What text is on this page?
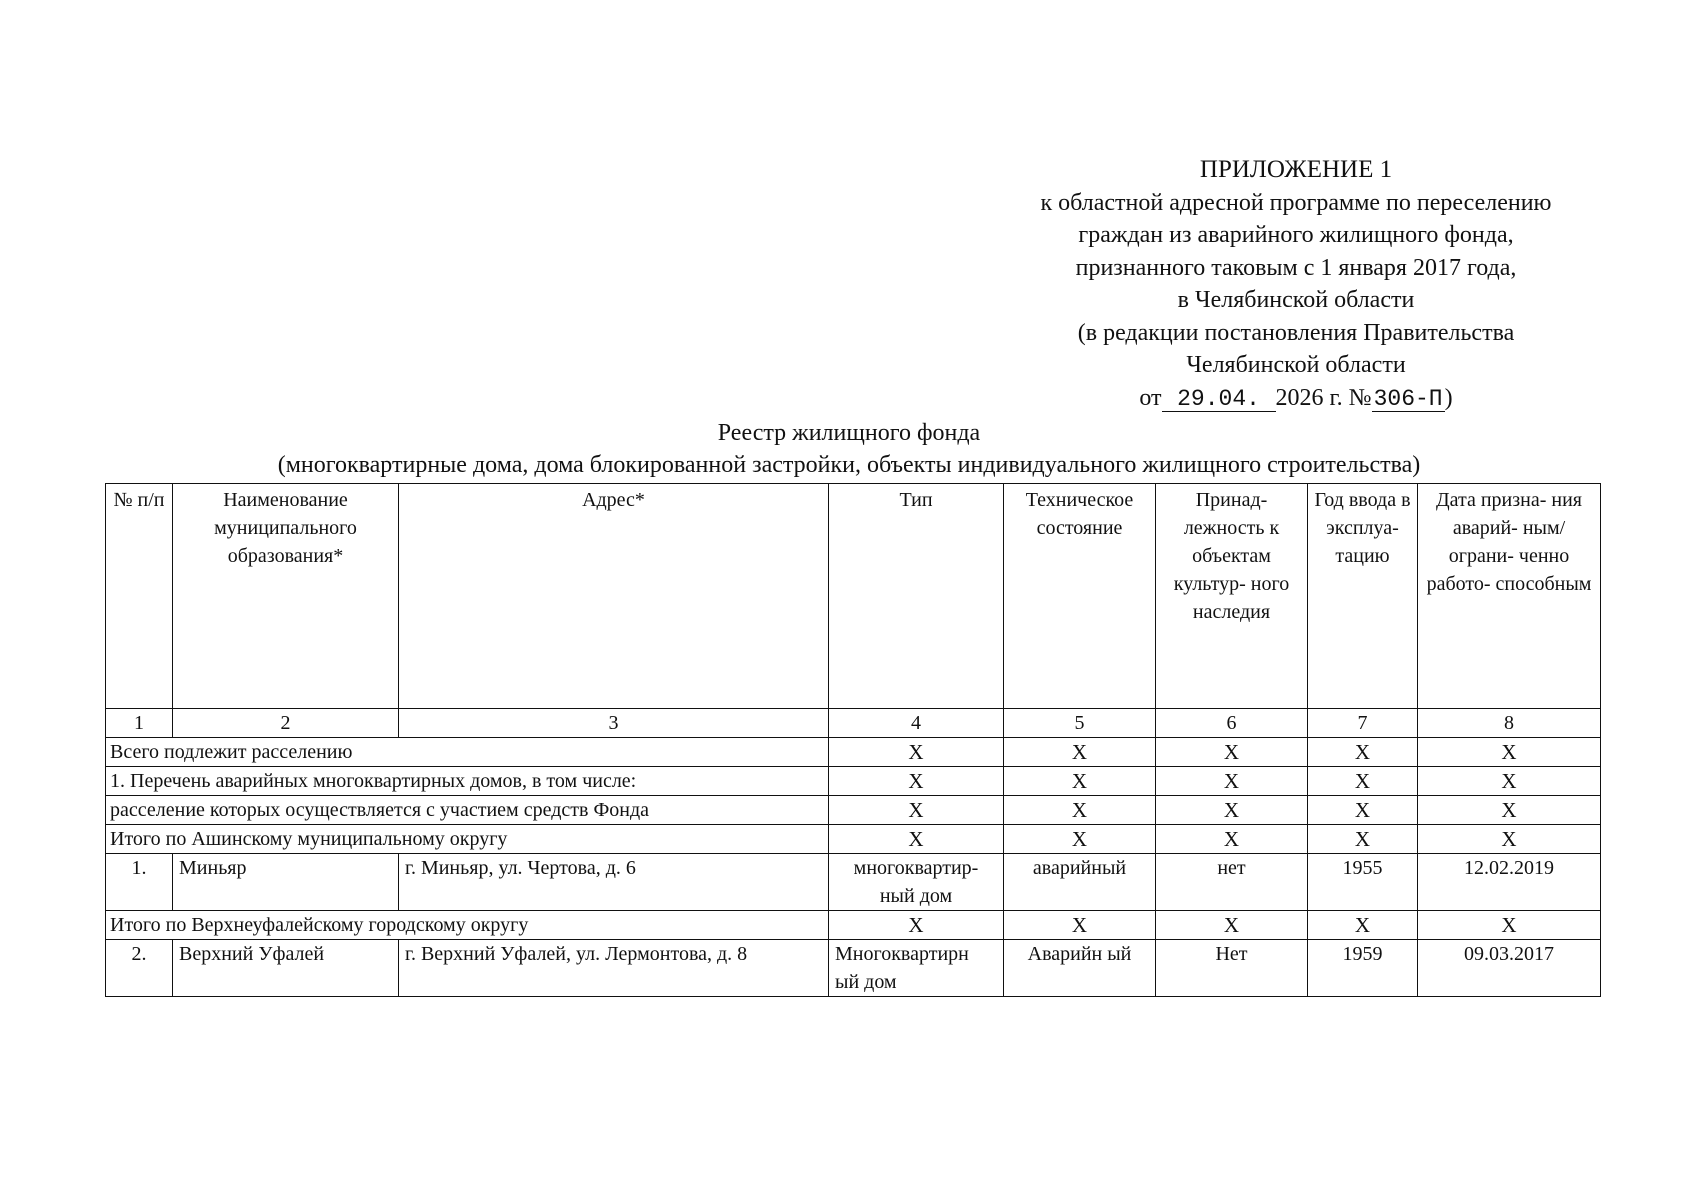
ПРИЛОЖЕНИЕ 1
к областной адресной программе по переселению
граждан из аварийного жилищного фонда,
признанного таковым с 1 января 2017 года,
в Челябинской области
(в редакции постановления Правительства
Челябинской области
от 29.04. 2026 г. №306-П)
Реестр жилищного фонда
(многоквартирные дома, дома блокированной застройки, объекты индивидуального жилищного строительства)
№ п/п	Наименование муниципального образования*	Адрес*	Тип	Техническое состояние	Принад- лежность к объектам культур- ного наследия	Год ввода в эксплуа- тацию	Дата призна- ния аварий- ным/ограни- ченно работо- способным
1	2	3	4	5	6	7	8
Всего подлежит расселению			X	X	X	X	X
1. Перечень аварийных многоквартирных домов, в том числе:			X	X	X	X	X
расселение которых осуществляется с участием средств Фонда			X	X	X	X	X
Итого по Ашинскому муниципальному округу			X	X	X	X	X
1.	Миньяр	г. Миньяр, ул. Чертова, д. 6	многоквартир- ный дом	аварийный	нет	1955	12.02.2019
Итого по Верхнеуфалейскому городскому округу			X	X	X	X	X
2.	Верхний Уфалей	г. Верхний Уфалей, ул. Лермонтова, д. 8	Многоквартирн ый дом	Аварийн ый	Нет	1959	09.03.2017
